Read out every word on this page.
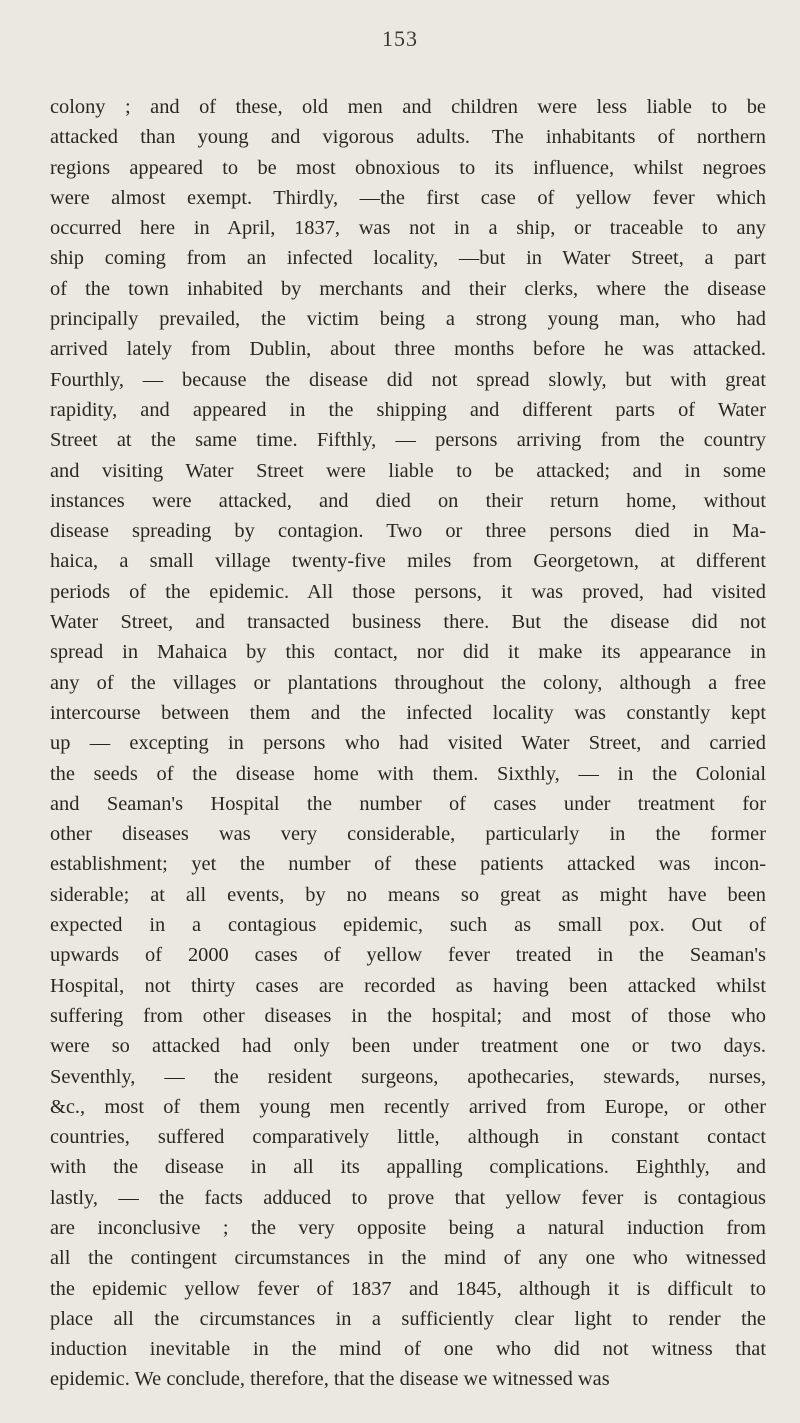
153
colony ; and of these, old men and children were less liable to be
attacked than young and vigorous adults. The inhabitants of northern
regions appeared to be most obnoxious to its influence, whilst negroes
were almost exempt. Thirdly, —the first case of yellow fever which
occurred here in April, 1837, was not in a ship, or traceable to any
ship coming from an infected locality, —but in Water Street, a part
of the town inhabited by merchants and their clerks, where the disease
principally prevailed, the victim being a strong young man, who had
arrived lately from Dublin, about three months before he was attacked.
Fourthly, — because the disease did not spread slowly, but with great
rapidity, and appeared in the shipping and different parts of Water
Street at the same time. Fifthly, — persons arriving from the country
and visiting Water Street were liable to be attacked; and in some
instances were attacked, and died on their return home, without
disease spreading by contagion. Two or three persons died in Ma-
haica, a small village twenty-five miles from Georgetown, at different
periods of the epidemic. All those persons, it was proved, had visited
Water Street, and transacted business there. But the disease did not
spread in Mahaica by this contact, nor did it make its appearance in
any of the villages or plantations throughout the colony, although a free
intercourse between them and the infected locality was constantly kept
up — excepting in persons who had visited Water Street, and carried
the seeds of the disease home with them. Sixthly, — in the Colonial
and Seaman's Hospital the number of cases under treatment for
other diseases was very considerable, particularly in the former
establishment; yet the number of these patients attacked was incon-
siderable; at all events, by no means so great as might have been
expected in a contagious epidemic, such as small pox. Out of
upwards of 2000 cases of yellow fever treated in the Seaman's
Hospital, not thirty cases are recorded as having been attacked whilst
suffering from other diseases in the hospital; and most of those who
were so attacked had only been under treatment one or two days.
Seventhly, — the resident surgeons, apothecaries, stewards, nurses,
&c., most of them young men recently arrived from Europe, or other
countries, suffered comparatively little, although in constant contact
with the disease in all its appalling complications. Eighthly, and
lastly, — the facts adduced to prove that yellow fever is contagious
are inconclusive ; the very opposite being a natural induction from
all the contingent circumstances in the mind of any one who witnessed
the epidemic yellow fever of 1837 and 1845, although it is difficult to
place all the circumstances in a sufficiently clear light to render the
induction inevitable in the mind of one who did not witness that
epidemic. We conclude, therefore, that the disease we witnessed was
